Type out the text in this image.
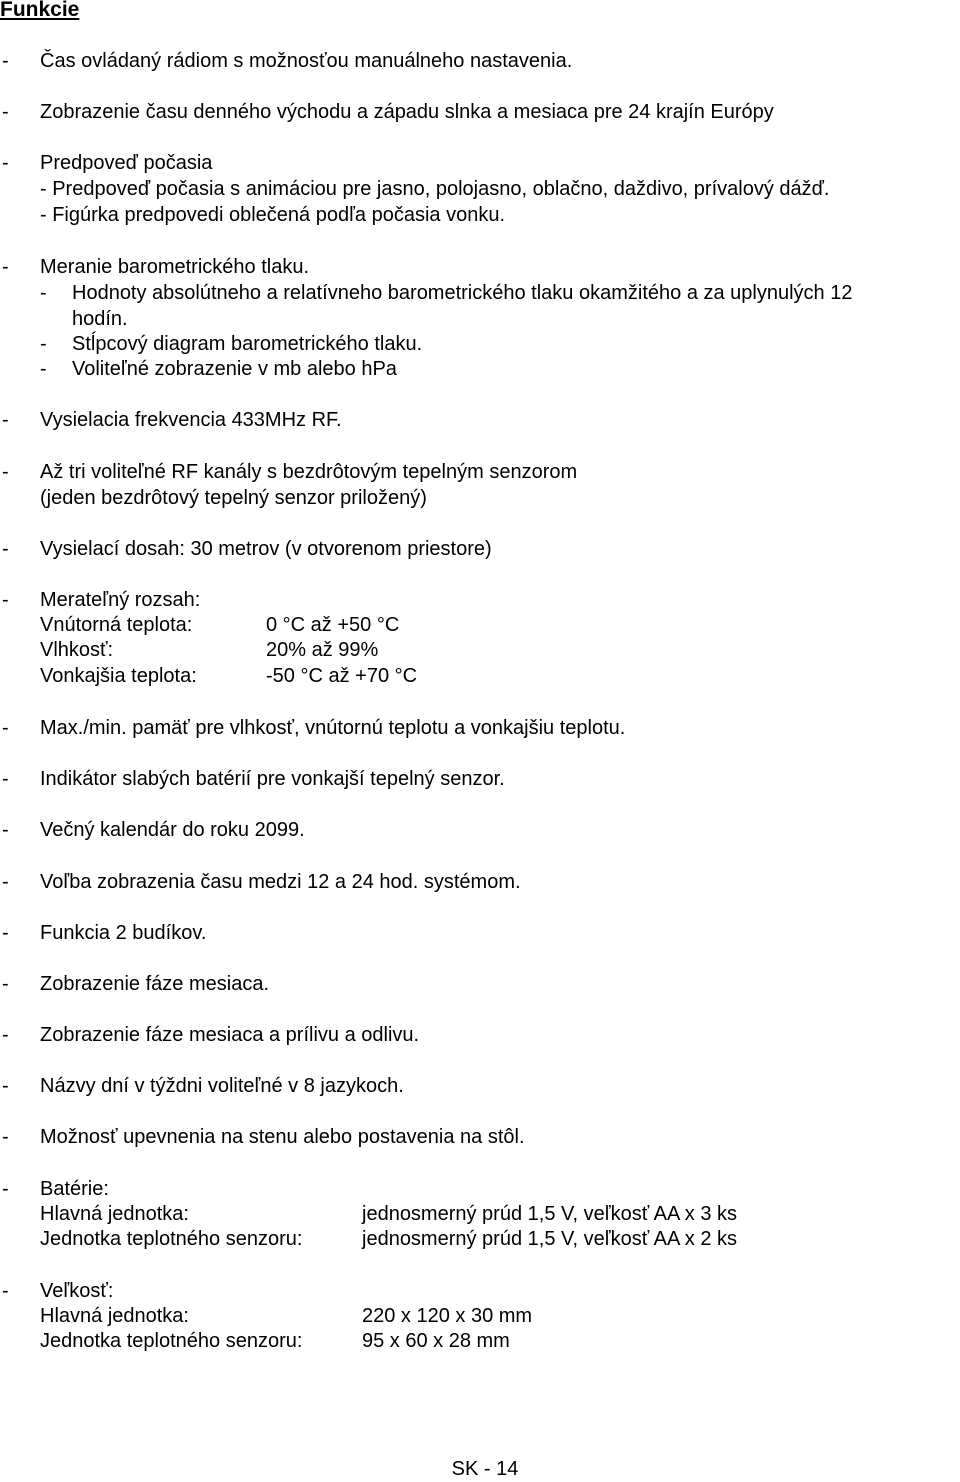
Funkcie
- Čas ovládaný rádiom s možnosťou manuálneho nastavenia.
- Zobrazenie času denného východu a západu slnka a mesiaca pre 24 krajín Európy
- Predpoveď počasia
- Predpoveď počasia s animáciou pre jasno, polojasno, oblačno, daždivo, prívalový dážď.
- Figúrka predpovedi oblečená podľa počasia vonku.
- Meranie barometrického tlaku.
- Hodnoty absolútneho a relatívneho barometrického tlaku okamžitého a za uplynulých 12
hodín.
- Stĺpcový diagram barometrického tlaku.
- Voliteľné zobrazenie v mb alebo hPa
- Vysielacia frekvencia 433MHz RF.
- Až tri voliteľné RF kanály s bezdrôtovým tepelným senzorom
(jeden bezdrôtový tepelný senzor priložený)
- Vysielací dosah: 30 metrov (v otvorenom priestore)
- Merateľný rozsah:
Vnútorná teplota:	0 °C až +50 °C
Vlhkosť:	20% až 99%
Vonkajšia teplota:	-50 °C až +70 °C
- Max./min. pamäť pre vlhkosť, vnútornú teplotu a vonkajšiu teplotu.
- Indikátor slabých batérií pre vonkajší tepelný senzor.
- Večný kalendár do roku 2099.
- Voľba zobrazenia času medzi 12 a 24 hod. systémom.
- Funkcia 2 budíkov.
- Zobrazenie fáze mesiaca.
- Zobrazenie fáze mesiaca a prílivu a odlivu.
- Názvy dní v týždni voliteľné v 8 jazykoch.
- Možnosť upevnenia na stenu alebo postavenia na stôl.
- Batérie:
Hlavná jednotka:	jednosmerný prúd 1,5 V, veľkosť AA x 3 ks
Jednotka teplotného senzoru:	jednosmerný prúd 1,5 V, veľkosť AA x 2 ks
- Veľkosť:
Hlavná jednotka:	220 x 120 x 30 mm
Jednotka teplotného senzoru:	95 x 60 x 28 mm
SK - 14
